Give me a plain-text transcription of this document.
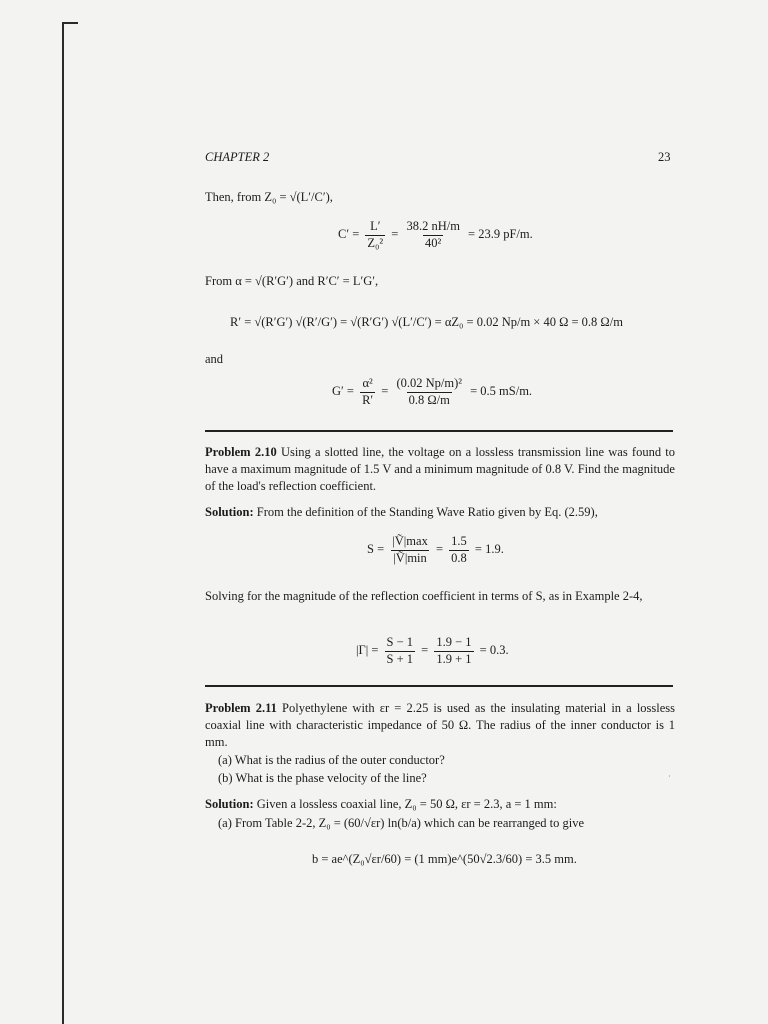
CHAPTER 2	23
Then, from Z₀ = √(L′/C′),
$C' = \frac{L'}{\text{Z₀²}} = \frac{38.2 nH/m}{\text{40²}} = 23.9$ pF/m.
From α = √(R′G′) and R′C′ = L′G′,
R′ = √(R′G′) √(R′/G′) = √(R′G′) √(L′/C′) = αZ₀ = 0.02 Np/m × 40 Ω = 0.8 Ω/m
and
$G' = \frac{\text{α²}}{R'} = \frac{\text{(0.02 Np/m)²}}{0.8 \Omega/m} = 0.5$ mS/m.
Problem 2.10 Using a slotted line, the voltage on a lossless transmission line was found to have a maximum magnitude of 1.5 V and a minimum magnitude of 0.8 V. Find the magnitude of the load's reflection coefficient.
Solution: From the definition of the Standing Wave Ratio given by Eq. (2.59),
$S = \frac{\text{|Ṽ|max}}{\text{|Ṽ|min}} = \frac{1.5}{0.8} = 1.9$.
Solving for the magnitude of the reflection coefficient in terms of S, as in Example 2-4,
$|\Gamma| = \frac{S - 1}{S + 1} = \frac{1.9 - 1}{1.9 + 1} = 0.3$.
Problem 2.11 Polyethylene with εr = 2.25 is used as the insulating material in a lossless coaxial line with characteristic impedance of 50 Ω. The radius of the inner conductor is 1 mm.
(a) What is the radius of the outer conductor?
(b) What is the phase velocity of the line?	·
Solution: Given a lossless coaxial line, Z₀ = 50 Ω, εr = 2.3, a = 1 mm:
(a) From Table 2-2, Z₀ = (60/√εr) ln(b/a) which can be rearranged to give
b = ae^(Z₀√εr/60) = (1 mm)e^(50√2.3/60) = 3.5 mm.
